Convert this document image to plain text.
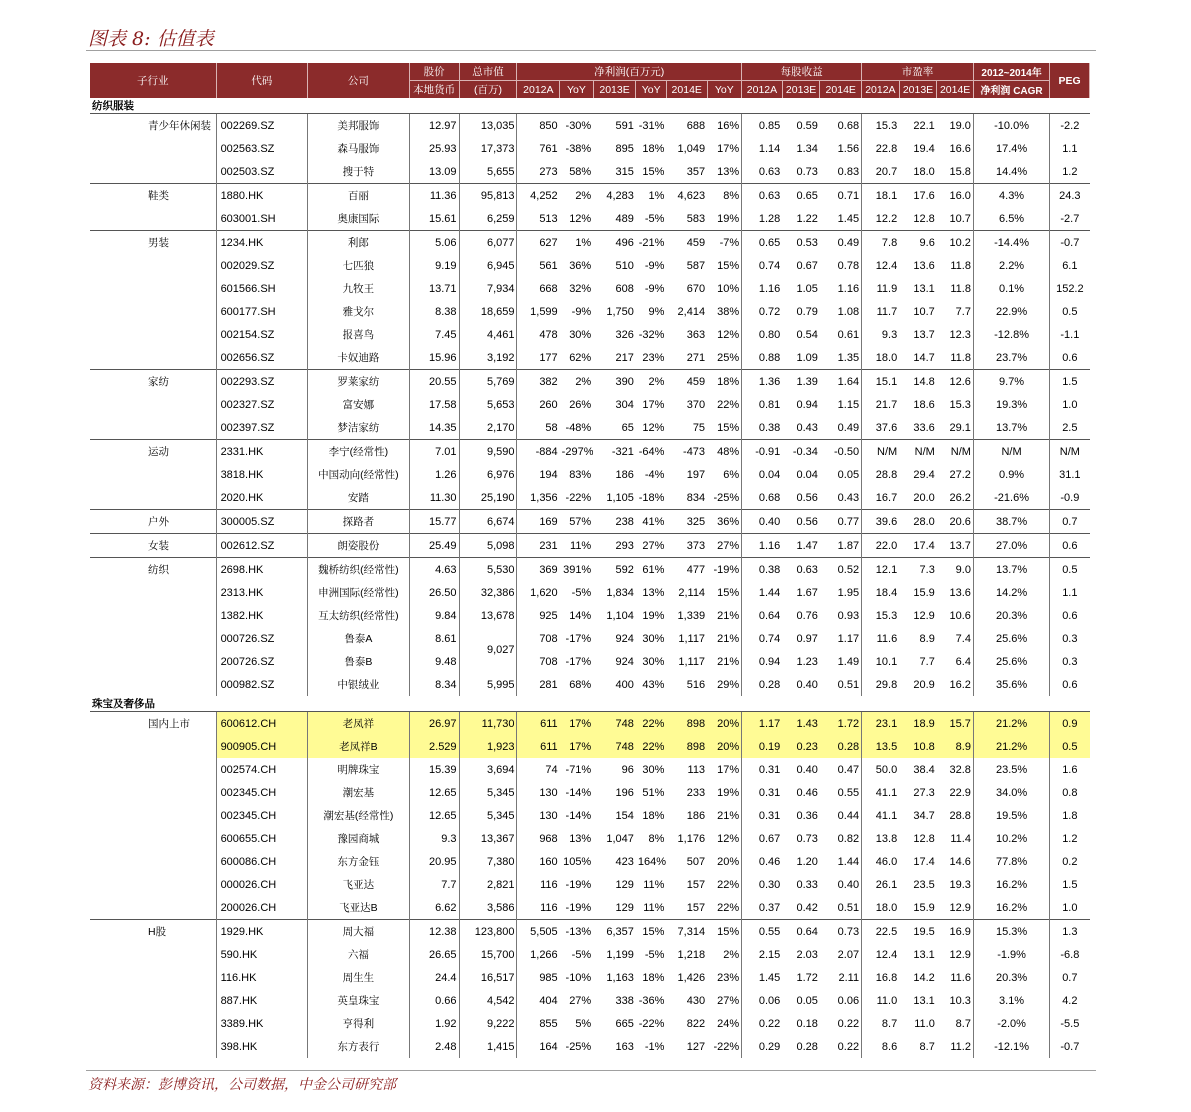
图表 8: 估值表
子行业	代码	公司	股价	总市值	净利润(百万元)						每股收益			市盈率			2012~2014年	PEG
			本地货币	(百万)	2012A	YoY	2013E	YoY	2014E	YoY	2012A	2013E	2014E	2012A	2013E	2014E	净利润 CAGR	
纺织服装																		
青少年休闲装	002269.SZ	美邦服饰	12.97	13,035	850	-30%	591	-31%	688	16%	0.85	0.59	0.68	15.3	22.1	19.0	-10.0%	-2.2
	002563.SZ	森马服饰	25.93	17,373	761	-38%	895	18%	1,049	17%	1.14	1.34	1.56	22.8	19.4	16.6	17.4%	1.1
	002503.SZ	搜于特	13.09	5,655	273	58%	315	15%	357	13%	0.63	0.73	0.83	20.7	18.0	15.8	14.4%	1.2
鞋类	1880.HK	百丽	11.36	95,813	4,252	2%	4,283	1%	4,623	8%	0.63	0.65	0.71	18.1	17.6	16.0	4.3%	24.3
	603001.SH	奥康国际	15.61	6,259	513	12%	489	-5%	583	19%	1.28	1.22	1.45	12.2	12.8	10.7	6.5%	-2.7
男装	1234.HK	利郎	5.06	6,077	627	1%	496	-21%	459	-7%	0.65	0.53	0.49	7.8	9.6	10.2	-14.4%	-0.7
	002029.SZ	七匹狼	9.19	6,945	561	36%	510	-9%	587	15%	0.74	0.67	0.78	12.4	13.6	11.8	2.2%	6.1
	601566.SH	九牧王	13.71	7,934	668	32%	608	-9%	670	10%	1.16	1.05	1.16	11.9	13.1	11.8	0.1%	152.2
	600177.SH	雅戈尔	8.38	18,659	1,599	-9%	1,750	9%	2,414	38%	0.72	0.79	1.08	11.7	10.7	7.7	22.9%	0.5
	002154.SZ	报喜鸟	7.45	4,461	478	30%	326	-32%	363	12%	0.80	0.54	0.61	9.3	13.7	12.3	-12.8%	-1.1
	002656.SZ	卡奴迪路	15.96	3,192	177	62%	217	23%	271	25%	0.88	1.09	1.35	18.0	14.7	11.8	23.7%	0.6
家纺	002293.SZ	罗莱家纺	20.55	5,769	382	2%	390	2%	459	18%	1.36	1.39	1.64	15.1	14.8	12.6	9.7%	1.5
	002327.SZ	富安娜	17.58	5,653	260	26%	304	17%	370	22%	0.81	0.94	1.15	21.7	18.6	15.3	19.3%	1.0
	002397.SZ	梦洁家纺	14.35	2,170	58	-48%	65	12%	75	15%	0.38	0.43	0.49	37.6	33.6	29.1	13.7%	2.5
运动	2331.HK	李宁(经常性)	7.01	9,590	-884	-297%	-321	-64%	-473	48%	-0.91	-0.34	-0.50	N/M	N/M	N/M	N/M	N/M
	3818.HK	中国动向(经常性)	1.26	6,976	194	83%	186	-4%	197	6%	0.04	0.04	0.05	28.8	29.4	27.2	0.9%	31.1
	2020.HK	安踏	11.30	25,190	1,356	-22%	1,105	-18%	834	-25%	0.68	0.56	0.43	16.7	20.0	26.2	-21.6%	-0.9
户外	300005.SZ	探路者	15.77	6,674	169	57%	238	41%	325	36%	0.40	0.56	0.77	39.6	28.0	20.6	38.7%	0.7
女装	002612.SZ	朗姿股份	25.49	5,098	231	11%	293	27%	373	27%	1.16	1.47	1.87	22.0	17.4	13.7	27.0%	0.6
纺织	2698.HK	魏桥纺织(经常性)	4.63	5,530	369	391%	592	61%	477	-19%	0.38	0.63	0.52	12.1	7.3	9.0	13.7%	0.5
	2313.HK	申洲国际(经常性)	26.50	32,386	1,620	-5%	1,834	13%	2,114	15%	1.44	1.67	1.95	18.4	15.9	13.6	14.2%	1.1
	1382.HK	互太纺织(经常性)	9.84	13,678	925	14%	1,104	19%	1,339	21%	0.64	0.76	0.93	15.3	12.9	10.6	20.3%	0.6
	000726.SZ	鲁泰A	8.61	9,027	708	-17%	924	30%	1,117	21%	0.74	0.97	1.17	11.6	8.9	7.4	25.6%	0.3
	200726.SZ	鲁泰B	9.48		708	-17%	924	30%	1,117	21%	0.94	1.23	1.49	10.1	7.7	6.4	25.6%	0.3
	000982.SZ	中银绒业	8.34	5,995	281	68%	400	43%	516	29%	0.28	0.40	0.51	29.8	20.9	16.2	35.6%	0.6
珠宝及奢侈品																		
国内上市	600612.CH	老凤祥	26.97	11,730	611	17%	748	22%	898	20%	1.17	1.43	1.72	23.1	18.9	15.7	21.2%	0.9
	900905.CH	老凤祥B	2.529	1,923	611	17%	748	22%	898	20%	0.19	0.23	0.28	13.5	10.8	8.9	21.2%	0.5
	002574.CH	明牌珠宝	15.39	3,694	74	-71%	96	30%	113	17%	0.31	0.40	0.47	50.0	38.4	32.8	23.5%	1.6
	002345.CH	潮宏基	12.65	5,345	130	-14%	196	51%	233	19%	0.31	0.46	0.55	41.1	27.3	22.9	34.0%	0.8
	002345.CH	潮宏基(经常性)	12.65	5,345	130	-14%	154	18%	186	21%	0.31	0.36	0.44	41.1	34.7	28.8	19.5%	1.8
	600655.CH	豫园商城	9.3	13,367	968	13%	1,047	8%	1,176	12%	0.67	0.73	0.82	13.8	12.8	11.4	10.2%	1.2
	600086.CH	东方金钰	20.95	7,380	160	105%	423	164%	507	20%	0.46	1.20	1.44	46.0	17.4	14.6	77.8%	0.2
	000026.CH	飞亚达	7.7	2,821	116	-19%	129	11%	157	22%	0.30	0.33	0.40	26.1	23.5	19.3	16.2%	1.5
	200026.CH	飞亚达B	6.62	3,586	116	-19%	129	11%	157	22%	0.37	0.42	0.51	18.0	15.9	12.9	16.2%	1.0
H股	1929.HK	周大福	12.38	123,800	5,505	-13%	6,357	15%	7,314	15%	0.55	0.64	0.73	22.5	19.5	16.9	15.3%	1.3
	590.HK	六福	26.65	15,700	1,266	-5%	1,199	-5%	1,218	2%	2.15	2.03	2.07	12.4	13.1	12.9	-1.9%	-6.8
	116.HK	周生生	24.4	16,517	985	-10%	1,163	18%	1,426	23%	1.45	1.72	2.11	16.8	14.2	11.6	20.3%	0.7
	887.HK	英皇珠宝	0.66	4,542	404	27%	338	-36%	430	27%	0.06	0.05	0.06	11.0	13.1	10.3	3.1%	4.2
	3389.HK	亨得利	1.92	9,222	855	5%	665	-22%	822	24%	0.22	0.18	0.22	8.7	11.0	8.7	-2.0%	-5.5
	398.HK	东方表行	2.48	1,415	164	-25%	163	-1%	127	-22%	0.29	0.28	0.22	8.6	8.7	11.2	-12.1%	-0.7
资料来源：彭博资讯，公司数据，中金公司研究部
